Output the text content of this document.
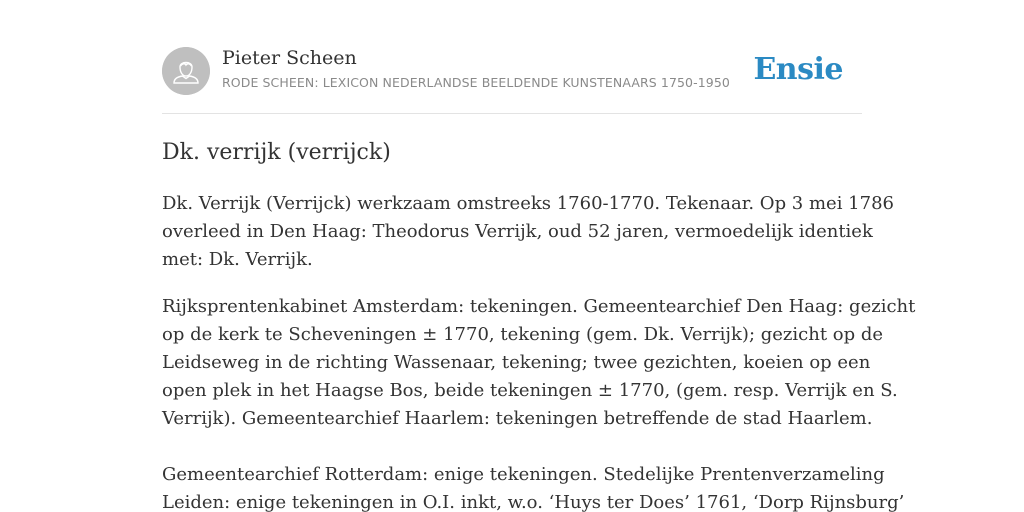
Pieter Scheen
RODE SCHEEN: LEXICON NEDERLANDSE BEELDENDE KUNSTENAARS 1750-1950 Ensie
Dk. verrijk (verrijck)

Dk. Verrijk (Verrijck) werkzaam omstreeks 1760-1770. Tekenaar. Op 3 mei 1786
overleed in Den Haag: Theodorus Verrijk, oud 52 jaren, vermoedelijk identiek
met: Dk. Verrijk.

Rijksprentenkabinet Amsterdam: tekeningen. Gemeentearchief Den Haag: gezicht
op de kerk te Scheveningen ± 1770, tekening (gem. Dk. Verrijk); gezicht op de
Leidseweg in de richting Wassenaar, tekening; twee gezichten, koeien op een
open plek in het Haagse Bos, beide tekeningen ± 1770, (gem. resp. Verrijk en S.
Verrijk). Gemeentearchief Haarlem: tekeningen betreffende de stad Haarlem.

Gemeentearchief Rotterdam: enige tekeningen. Stedelijke Prentenverzameling
Leiden: enige tekeningen in O.I. inkt, w.o. ‘Huys ter Does’ 1761, ‘Dorp Rijnsburg’
